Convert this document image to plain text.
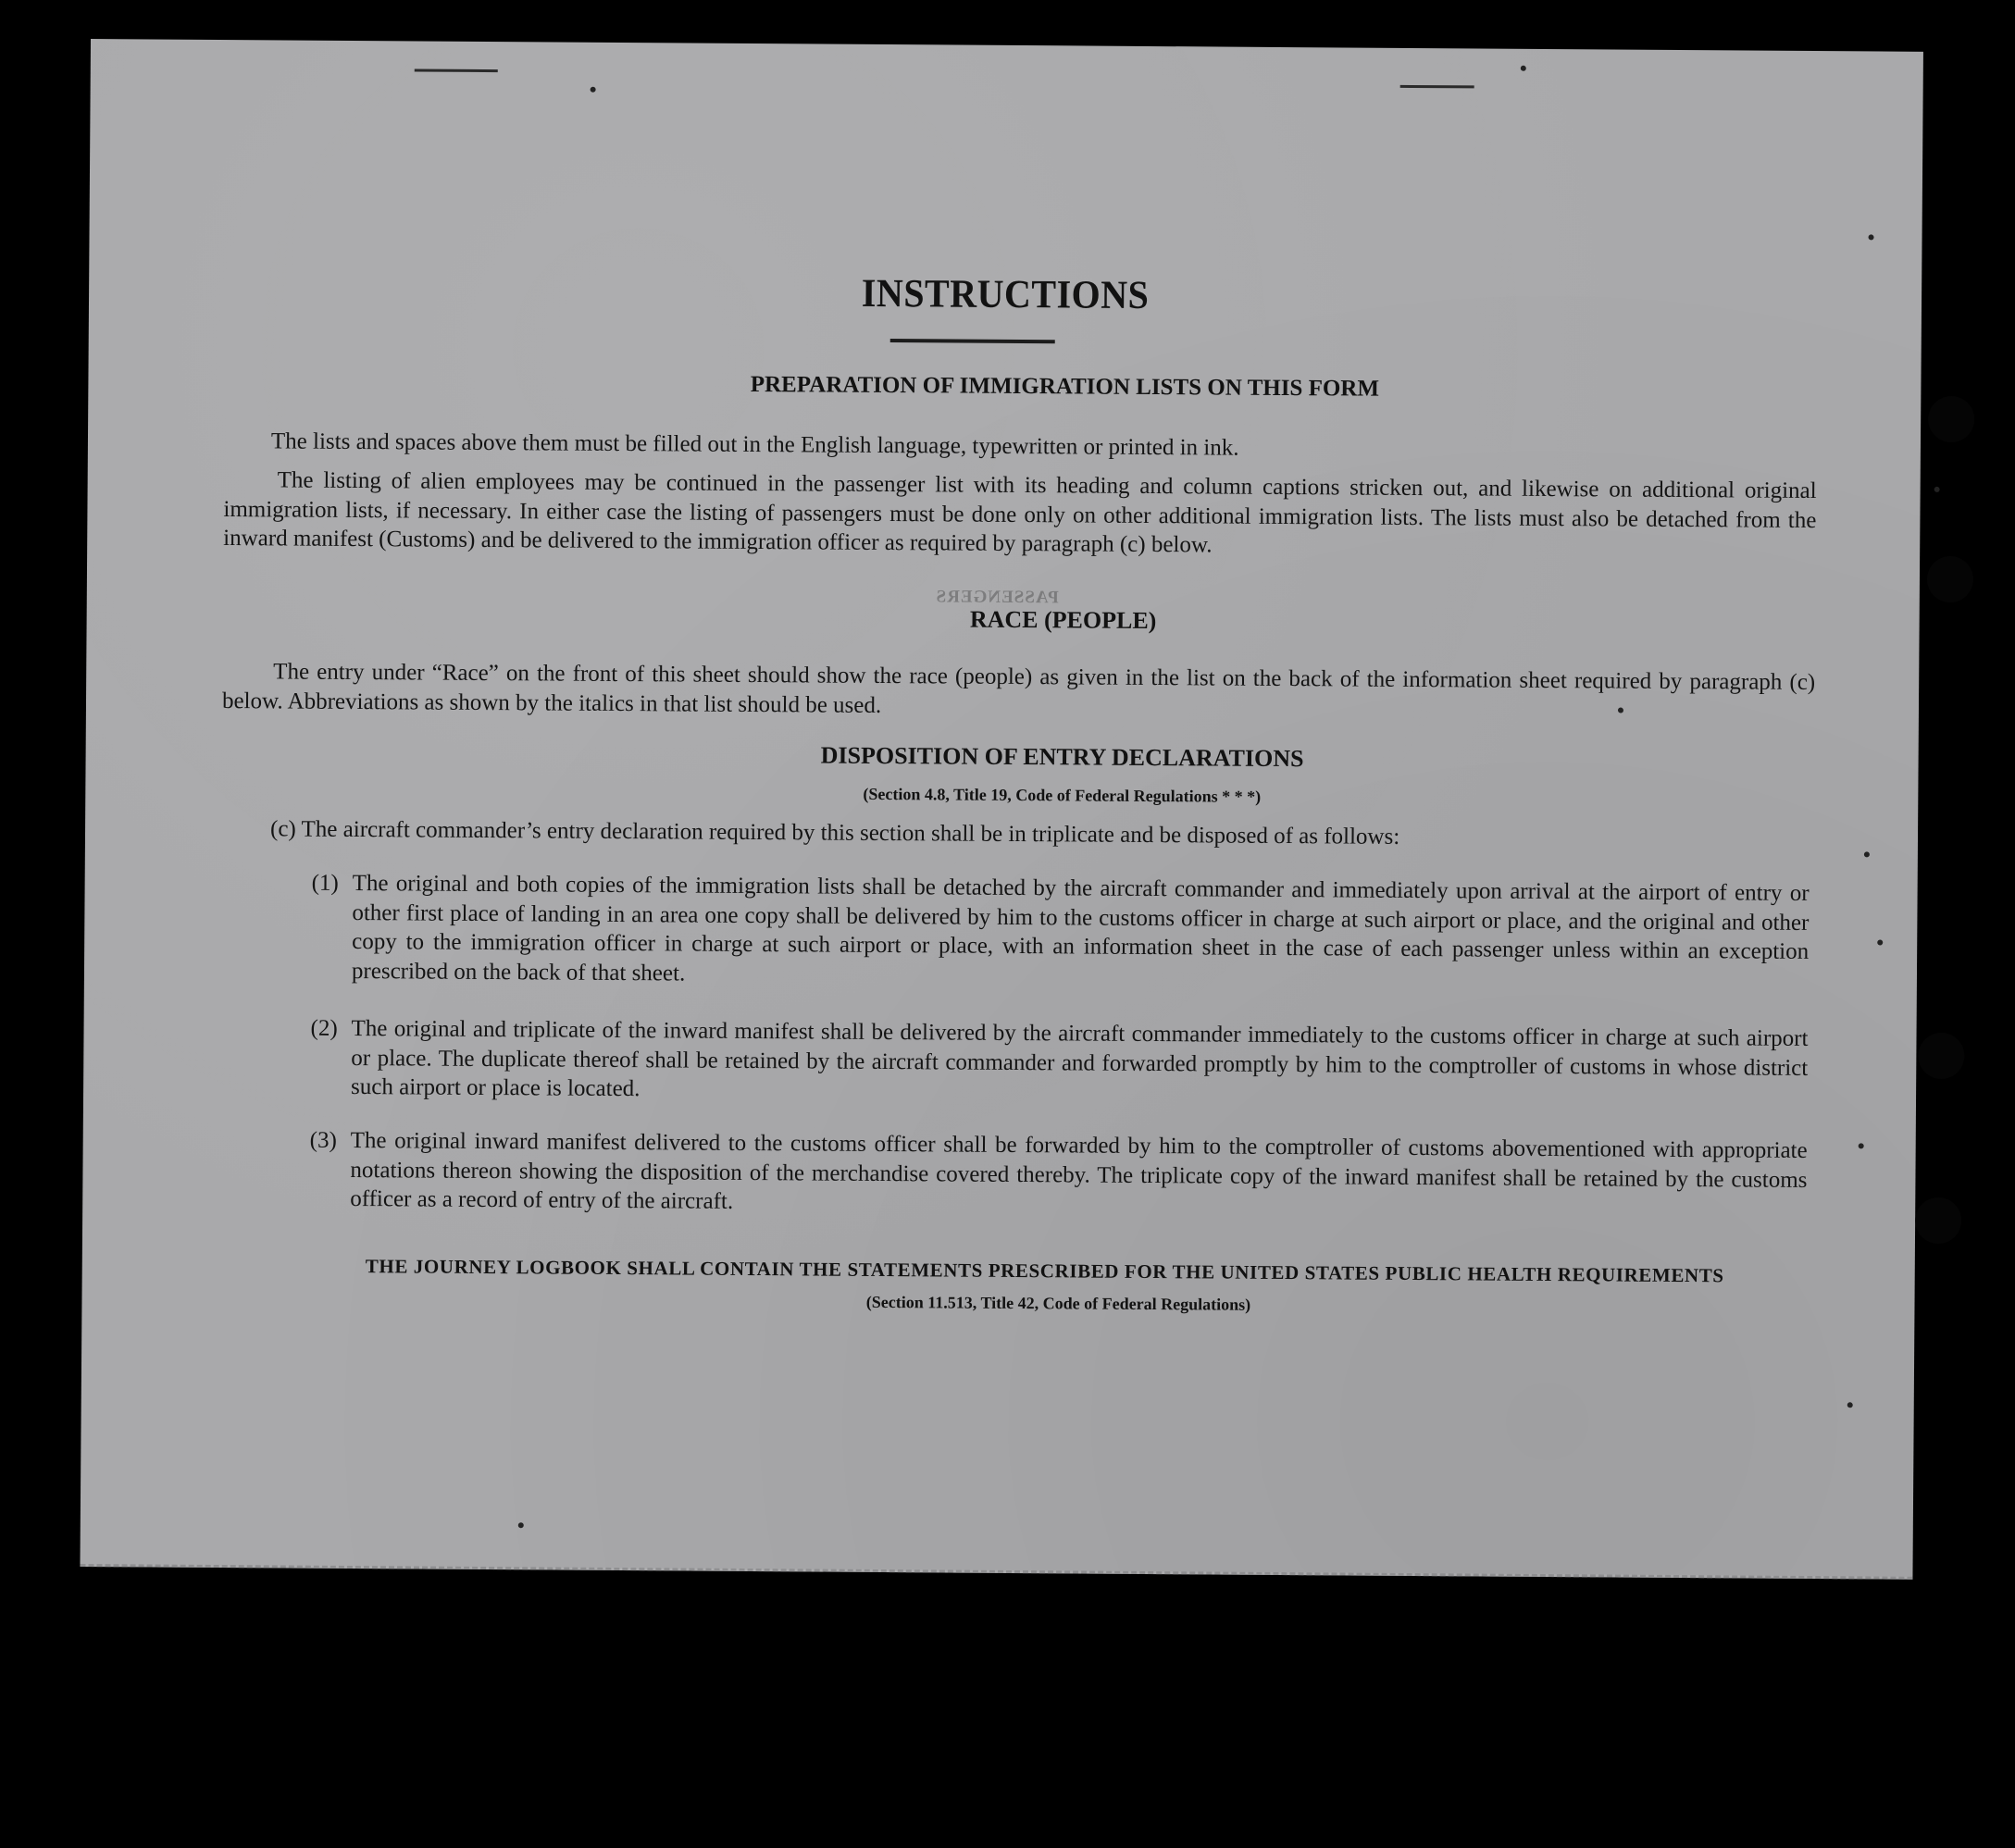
INSTRUCTIONS
PREPARATION OF IMMIGRATION LISTS ON THIS FORM

The lists and spaces above them must be filled out in the English language, typewritten or printed in ink.

The listing of alien employees may be continued in the passenger list with its heading and column captions stricken out, and likewise on additional original immigration lists, if necessary. In either case the listing of passengers must be done only on other additional immigration lists. The lists must also be detached from the inward manifest (Customs) and be delivered to the immigration officer as required by paragraph (c) below.

PASSENGERS
RACE (PEOPLE)

The entry under “Race” on the front of this sheet should show the race (people) as given in the list on the back of the information sheet required by paragraph (c) below. Abbreviations as shown by the italics in that list should be used.

DISPOSITION OF ENTRY DECLARATIONS
(Section 4.8, Title 19, Code of Federal Regulations * * *)

(c) The aircraft commander’s entry declaration required by this section shall be in triplicate and be disposed of as follows:

(1) The original and both copies of the immigration lists shall be detached by the aircraft commander and immediately upon arrival at the airport of entry or other first place of landing in an area one copy shall be delivered by him to the customs officer in charge at such airport or place, and the original and other copy to the immigration officer in charge at such airport or place, with an information sheet in the case of each passenger unless within an exception prescribed on the back of that sheet.

(2) The original and triplicate of the inward manifest shall be delivered by the aircraft commander immediately to the customs officer in charge at such airport or place. The duplicate thereof shall be retained by the aircraft commander and forwarded promptly by him to the comptroller of customs in whose district such airport or place is located.

(3) The original inward manifest delivered to the customs officer shall be forwarded by him to the comptroller of customs abovementioned with appropriate notations thereon showing the disposition of the merchandise covered thereby. The triplicate copy of the inward manifest shall be retained by the customs officer as a record of entry of the aircraft.

THE JOURNEY LOGBOOK SHALL CONTAIN THE STATEMENTS PRESCRIBED FOR THE UNITED STATES PUBLIC HEALTH REQUIREMENTS
(Section 11.513, Title 42, Code of Federal Regulations)
